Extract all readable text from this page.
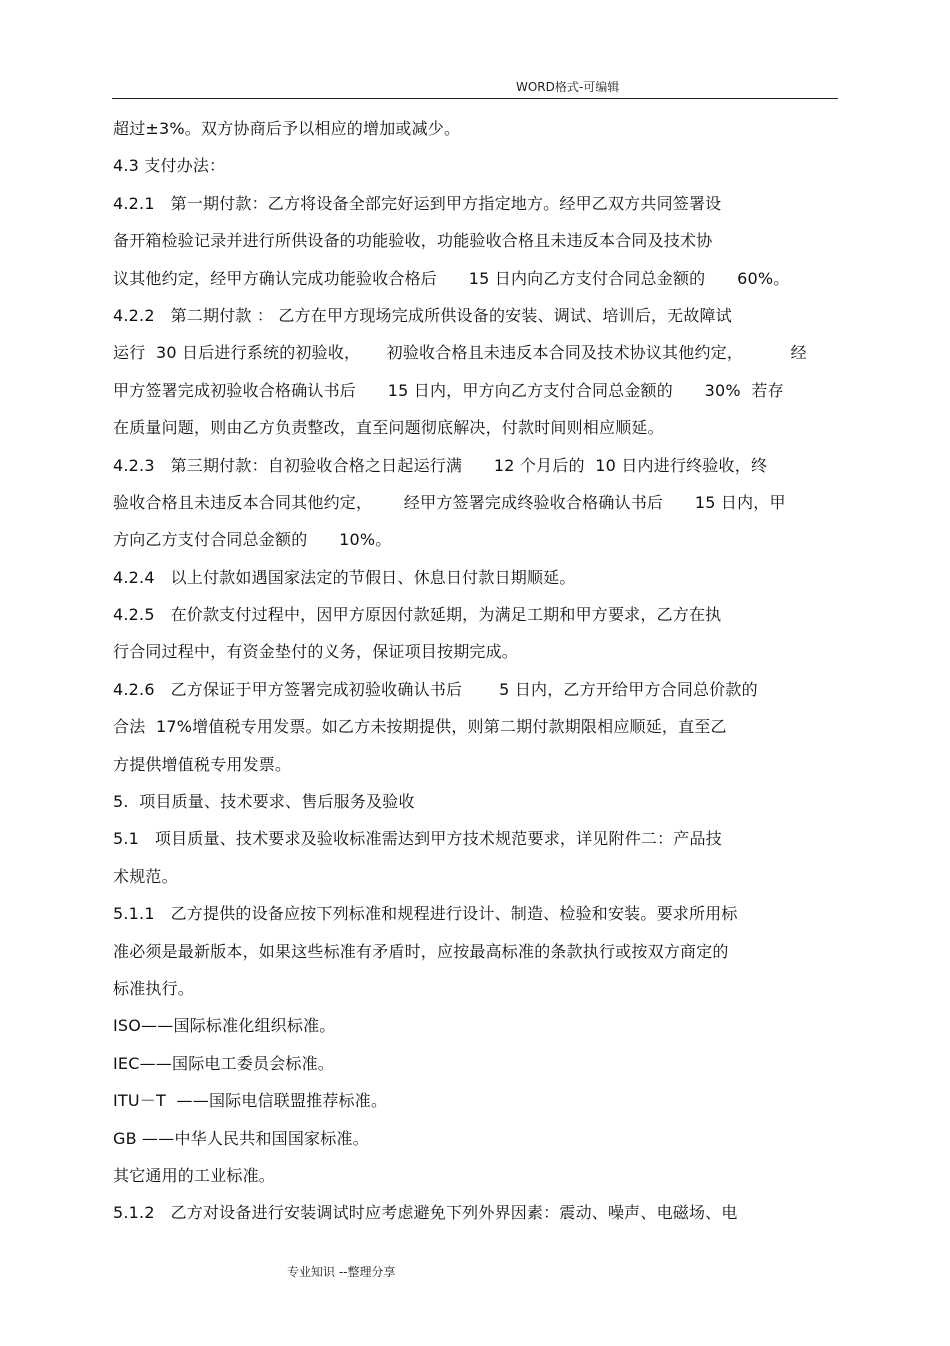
WORD格式-可编辑
超过±3%。双方协商后予以相应的增加或减少。
4.3 支付办法：
4.2.1   第一期付款：乙方将设备全部完好运到甲方指定地方。经甲乙双方共同签署设
备开箱检验记录并进行所供设备的功能验收，功能验收合格且未违反本合同及技术协
议其他约定，经甲方确认完成功能验收合格后      15 日内向乙方支付合同总金额的      60%。
4.2.2   第二期付款 ： 乙方在甲方现场完成所供设备的安装、调试、培训后，无故障试
运行  30 日后进行系统的初验收，     初验收合格且未违反本合同及技术协议其他约定，         经
甲方签署完成初验收合格确认书后      15 日内，甲方向乙方支付合同总金额的      30%  若存
在质量问题，则由乙方负责整改，直至问题彻底解决，付款时间则相应顺延。
4.2.3   第三期付款：自初验收合格之日起运行满      12 个月后的  10 日内进行终验收，终
验收合格且未违反本合同其他约定，      经甲方签署完成终验收合格确认书后      15 日内，甲
方向乙方支付合同总金额的      10%。
4.2.4   以上付款如遇国家法定的节假日、休息日付款日期顺延。
4.2.5   在价款支付过程中，因甲方原因付款延期，为满足工期和甲方要求，乙方在执
行合同过程中，有资金垫付的义务，保证项目按期完成。
4.2.6   乙方保证于甲方签署完成初验收确认书后       5 日内，乙方开给甲方合同总价款的
合法  17%增值税专用发票。如乙方未按期提供，则第二期付款期限相应顺延，直至乙
方提供增值税专用发票。
5.  项目质量、技术要求、售后服务及验收
5.1   项目质量、技术要求及验收标准需达到甲方技术规范要求，详见附件二：产品技
术规范。
5.1.1   乙方提供的设备应按下列标准和规程进行设计、制造、检验和安装。要求所用标
准必须是最新版本，如果这些标准有矛盾时，应按最高标准的条款执行或按双方商定的
标准执行。
ISO——国际标准化组织标准。
IEC——国际电工委员会标准。
ITU－T  ——国际电信联盟推荐标准。
GB ——中华人民共和国国家标准。
其它通用的工业标准。
5.1.2   乙方对设备进行安装调试时应考虑避免下列外界因素：震动、噪声、电磁场、电
专业知识 --整理分享
